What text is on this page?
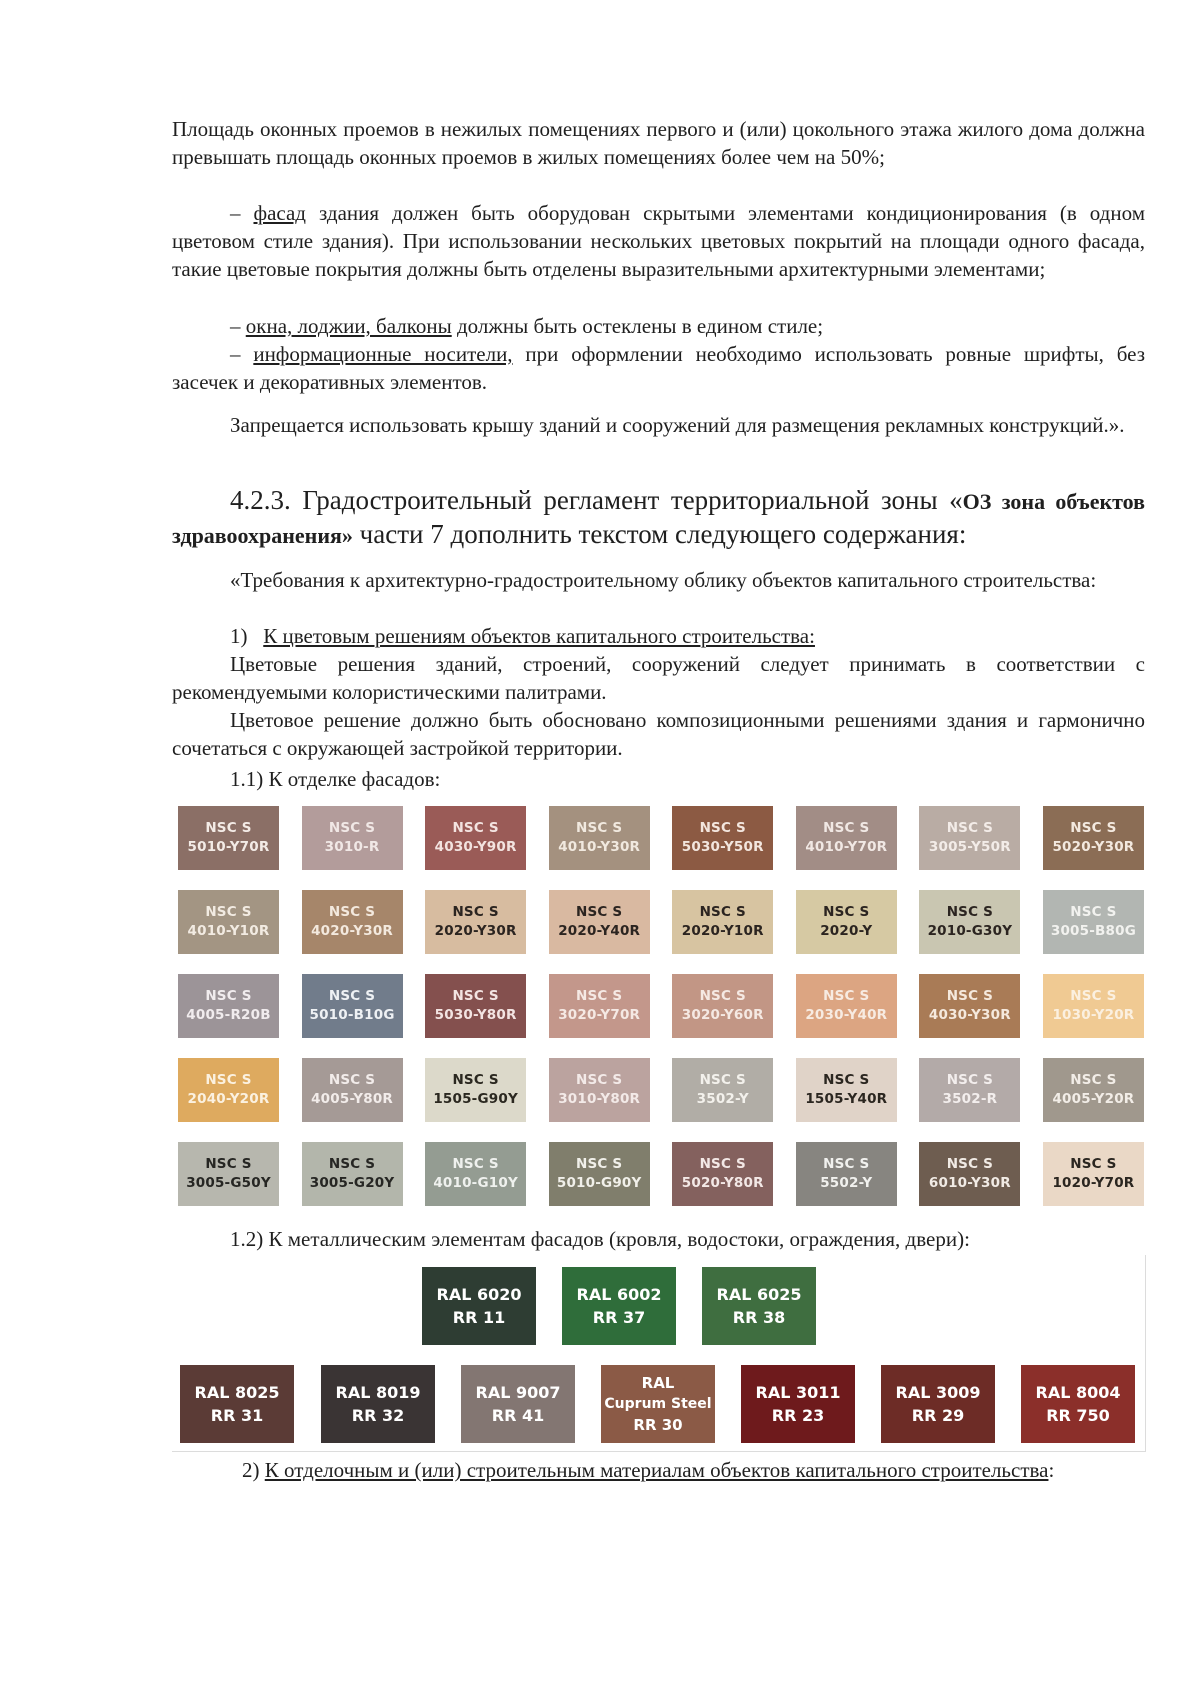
Площадь оконных проемов в нежилых помещениях первого и (или) цокольного этажа жилого дома должна превышать площадь оконных проемов в жилых помещениях более чем на 50%;

– фасад здания должен быть оборудован скрытыми элементами кондиционирования (в одном цветовом стиле здания). При использовании нескольких цветовых покрытий на площади одного фасада, такие цветовые покрытия должны быть отделены выразительными архитектурными элементами;

– окна, лоджии, балконы должны быть остеклены в едином стиле;

– информационные носители, при оформлении необходимо использовать ровные шрифты, без засечек и декоративных элементов.

Запрещается использовать крышу зданий и сооружений для размещения рекламных конструкций.».

4.2.3. Градостроительный регламент территориальной зоны «ОЗ зона объектов здравоохранения» части 7 дополнить текстом следующего содержания:

«Требования к архитектурно-градостроительному облику объектов капитального строительства:

1) К цветовым решениям объектов капитального строительства:

Цветовые решения зданий, строений, сооружений следует принимать в соответствии с рекомендуемыми колористическими палитрами.

Цветовое решение должно быть обосновано композиционными решениями здания и гармонично сочетаться с окружающей застройкой территории.

1.1) К отделке фасадов:

NSC S
5010-Y70R
NSC S
3010-R
NSC S
4030-Y90R
NSC S
4010-Y30R
NSC S
5030-Y50R
NSC S
4010-Y70R
NSC S
3005-Y50R
NSC S
5020-Y30R
NSC S
4010-Y10R
NSC S
4020-Y30R
NSC S
2020-Y30R
NSC S
2020-Y40R
NSC S
2020-Y10R
NSC S
2020-Y
NSC S
2010-G30Y
NSC S
3005-B80G
NSC S
4005-R20B
NSC S
5010-B10G
NSC S
5030-Y80R
NSC S
3020-Y70R
NSC S
3020-Y60R
NSC S
2030-Y40R
NSC S
4030-Y30R
NSC S
1030-Y20R
NSC S
2040-Y20R
NSC S
4005-Y80R
NSC S
1505-G90Y
NSC S
3010-Y80R
NSC S
3502-Y
NSC S
1505-Y40R
NSC S
3502-R
NSC S
4005-Y20R
NSC S
3005-G50Y
NSC S
3005-G20Y
NSC S
4010-G10Y
NSC S
5010-G90Y
NSC S
5020-Y80R
NSC S
5502-Y
NSC S
6010-Y30R
NSC S
1020-Y70R

1.2) К металлическим элементам фасадов (кровля, водостоки, ограждения, двери):

RAL 6020
RR 11
RAL 6002
RR 37
RAL 6025
RR 38
RAL 8025
RR 31
RAL 8019
RR 32
RAL 9007
RR 41
RAL
Cuprum Steel
RR 30
RAL 3011
RR 23
RAL 3009
RR 29
RAL 8004
RR 750

2) К отделочным и (или) строительным материалам объектов капитального строительства:
